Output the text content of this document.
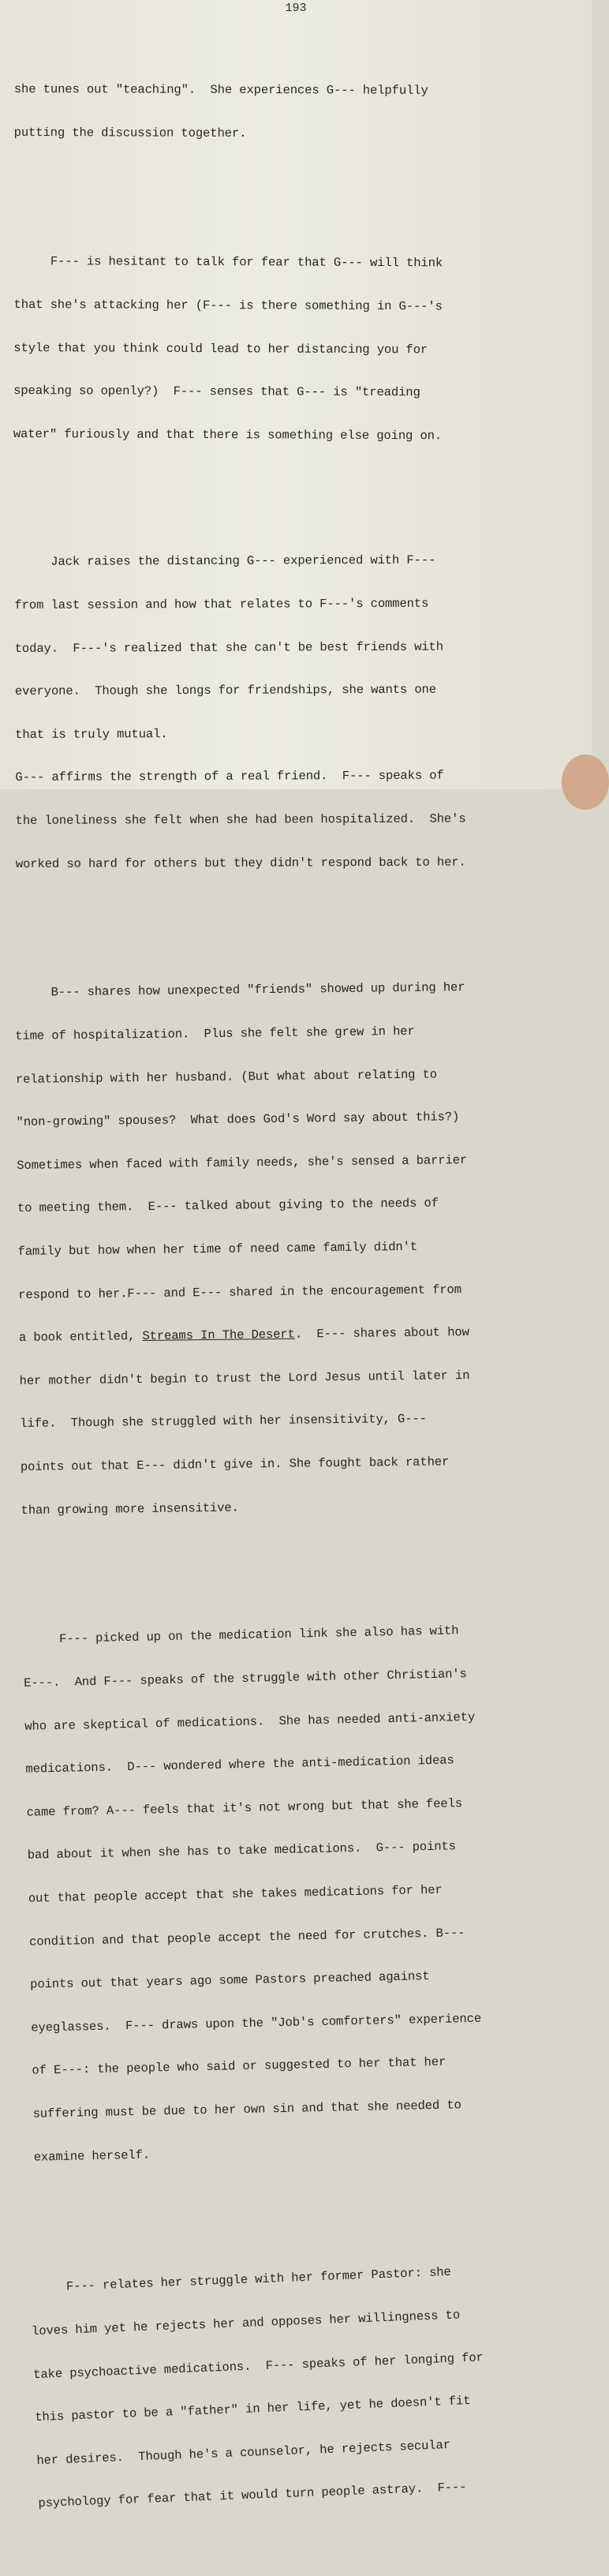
193

she tunes out "teaching".  She experiences G--- helpfully

putting the discussion together.

F--- is hesitant to talk for fear that G--- will think

that she's attacking her (F--- is there something in G---'s

style that you think could lead to her distancing you for

speaking so openly?)  F--- senses that G--- is "treading

water" furiously and that there is something else going on.

Jack raises the distancing G--- experienced with F---

from last session and how that relates to F---'s comments

today.  F---'s realized that she can't be best friends with

everyone.  Though she longs for friendships, she wants one

that is truly mutual.

G--- affirms the strength of a real friend.  F--- speaks of

the loneliness she felt when she had been hospitalized.  She's

worked so hard for others but they didn't respond back to her.

B--- shares how unexpected "friends" showed up during her

time of hospitalization.  Plus she felt she grew in her

relationship with her husband. (But what about relating to

"non-growing" spouses?  What does God's Word say about this?)

Sometimes when faced with family needs, she's sensed a barrier

to meeting them.  E--- talked about giving to the needs of

family but how when her time of need came family didn't

respond to her.F--- and E--- shared in the encouragement from

a book entitled, Streams In The Desert.  E--- shares about how

her mother didn't begin to trust the Lord Jesus until later in

life.  Though she struggled with her insensitivity, G---

points out that E--- didn't give in. She fought back rather

than growing more insensitive.

F--- picked up on the medication link she also has with

E---.  And F--- speaks of the struggle with other Christian's

who are skeptical of medications.  She has needed anti-anxiety

medications.  D--- wondered where the anti-medication ideas

came from? A--- feels that it's not wrong but that she feels

bad about it when she has to take medications.  G--- points

out that people accept that she takes medications for her

condition and that people accept the need for crutches. B---

points out that years ago some Pastors preached against

eyeglasses.  F--- draws upon the "Job's comforters" experience

of E---: the people who said or suggested to her that her

suffering must be due to her own sin and that she needed to

examine herself.

F--- relates her struggle with her former Pastor: she

loves him yet he rejects her and opposes her willingness to

take psychoactive medications.  F--- speaks of her longing for

this pastor to be a "father" in her life, yet he doesn't fit

her desires.  Though he's a counselor, he rejects secular

psychology for fear that it would turn people astray.  F---
